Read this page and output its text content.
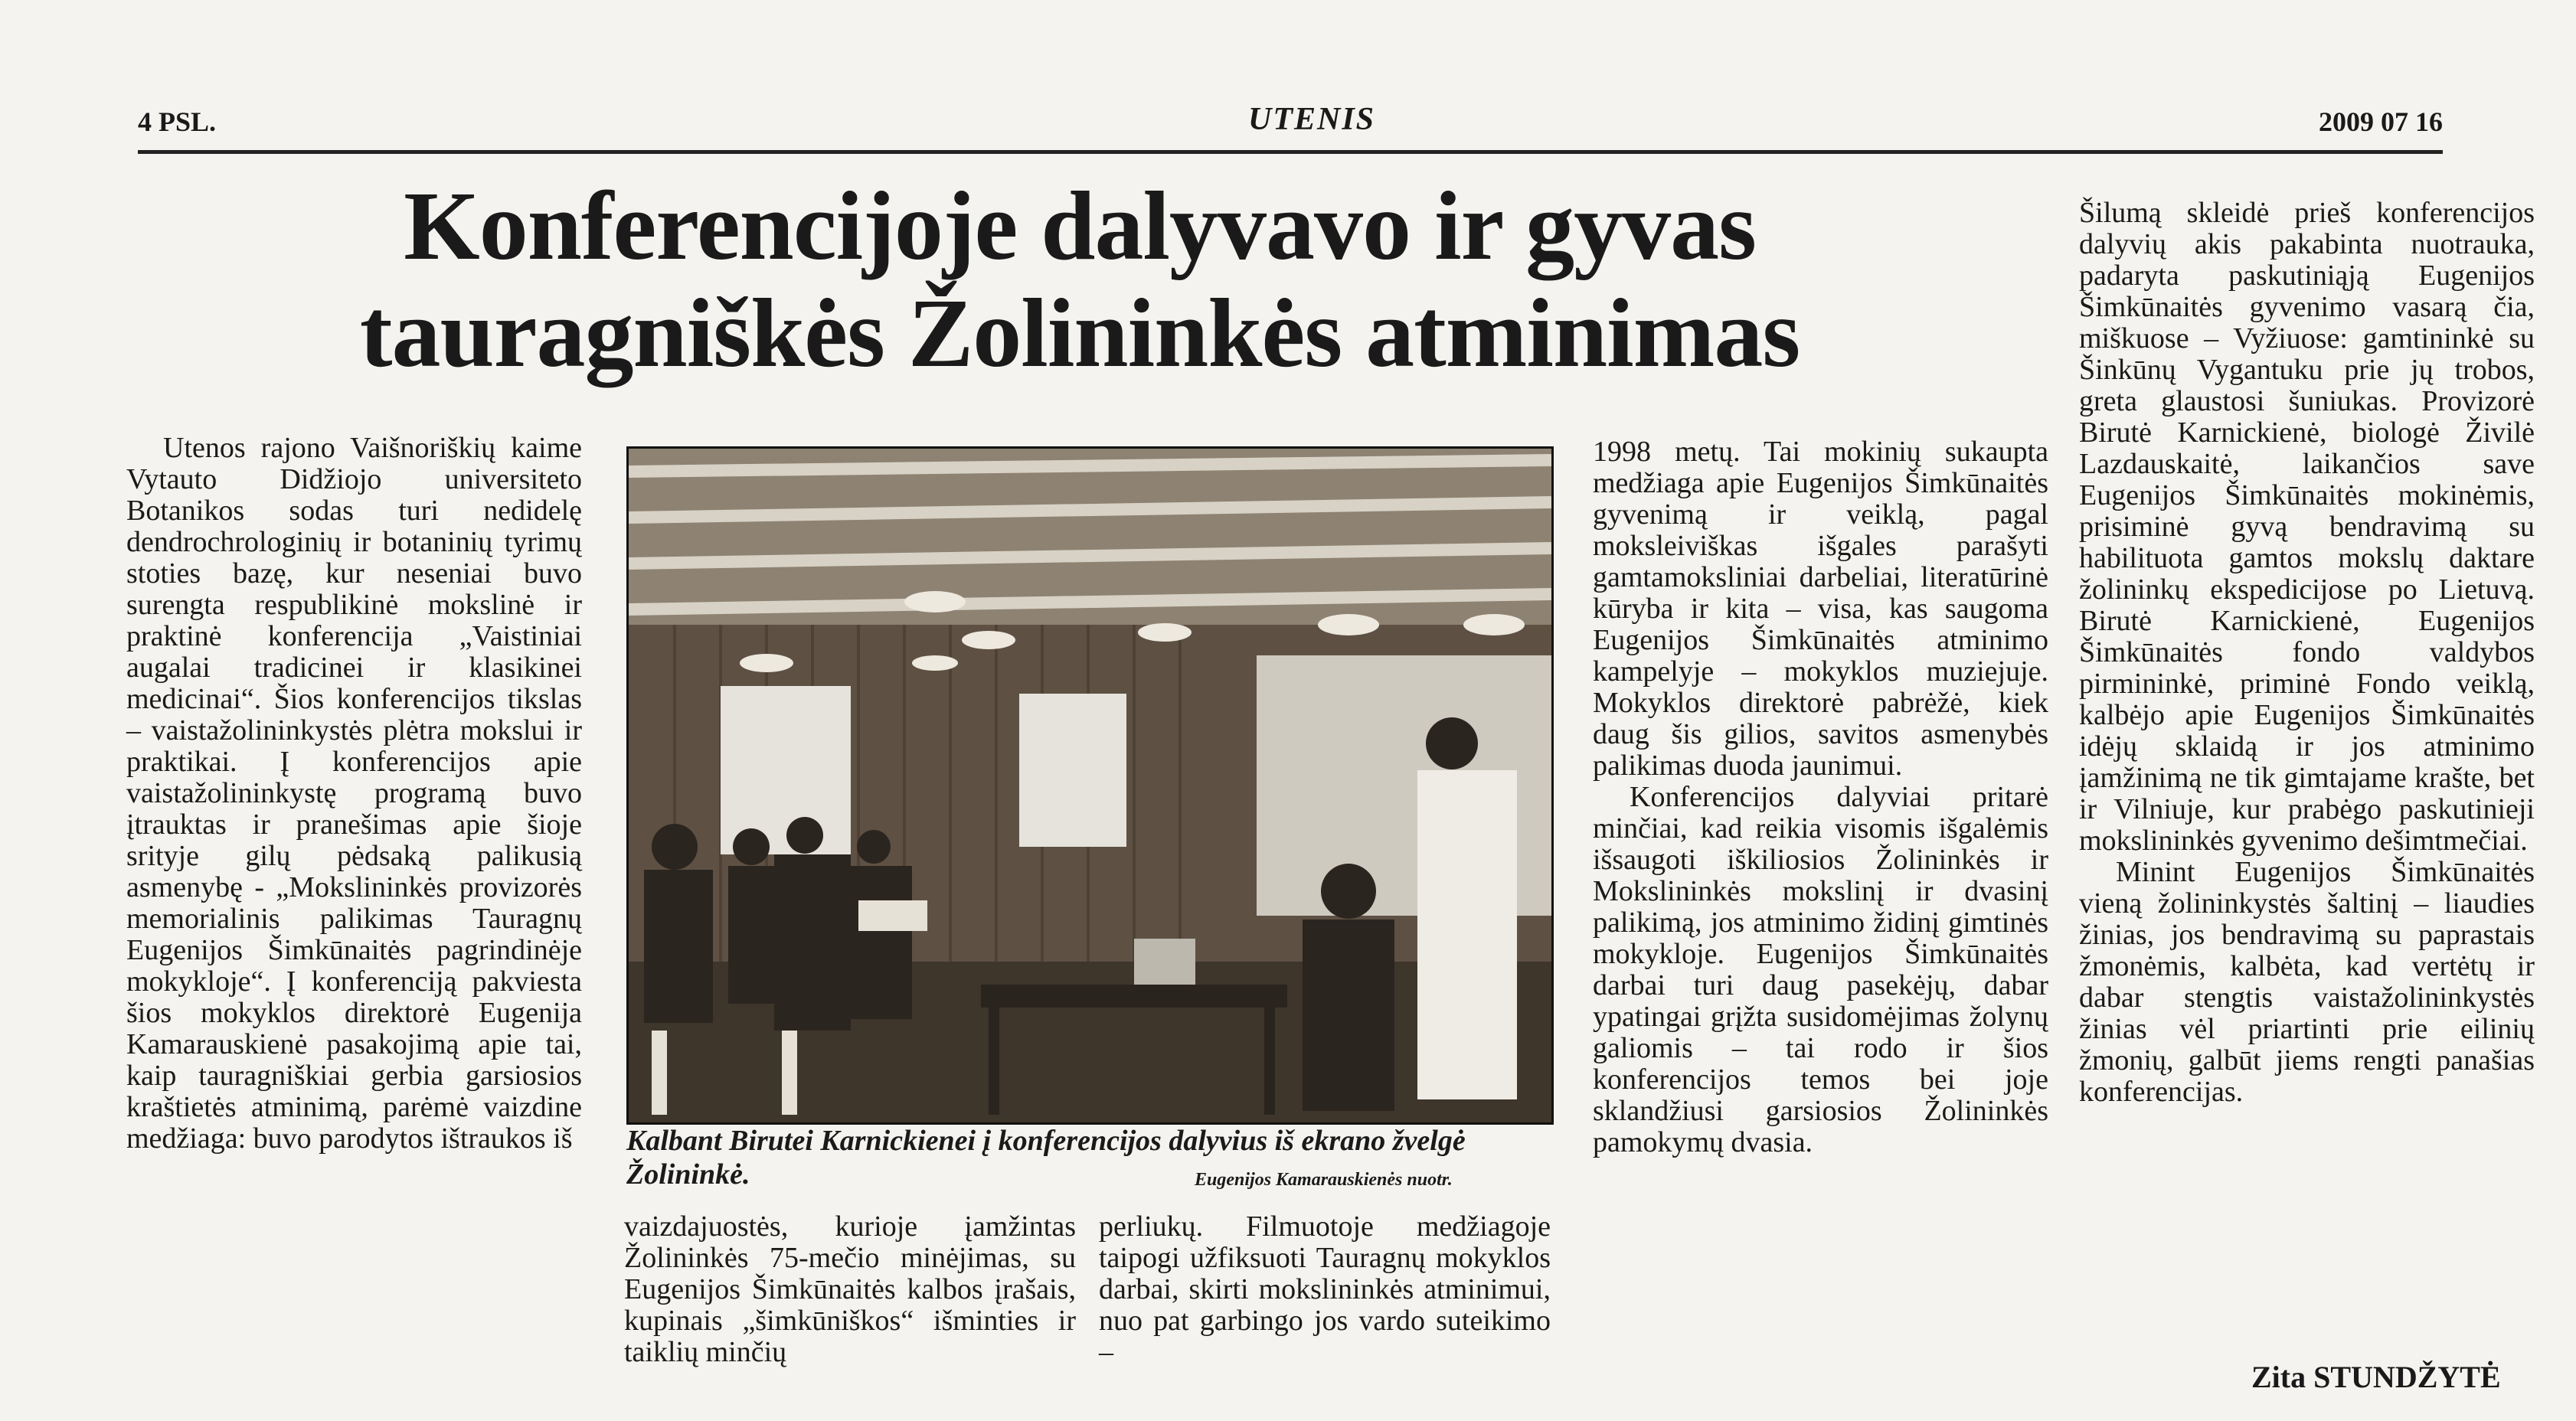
4 PSL.	UTENIS	2009 07 16
Konferencijoje dalyvavo ir gyvas tauragniškės Žolininkės atminimas

Utenos rajono Vaišnoriškių kaime Vytauto Didžiojo universiteto Botanikos sodas turi nedidelę dendrochrologinių ir botaninių tyrimų stoties bazę, kur neseniai buvo surengta respublikinė mokslinė ir praktinė konferencija „Vaistiniai augalai tradicinei ir klasikinei medicinai“. Šios konferencijos tikslas – vaistažolininkystės plėtra mokslui ir praktikai. Į konferencijos apie vaistažolininkystę programą buvo įtrauktas ir pranešimas apie šioje srityje gilų pėdsaką palikusią asmenybę - „Mokslininkės provizorės memorialinis palikimas Tauragnų Eugenijos Šimkūnaitės pagrindinėje mokykloje“. Į konferenciją pakviesta šios mokyklos direktorė Eugenija Kamarauskienė pasakojimą apie tai, kaip tauragniškiai gerbia garsiosios kraštietės atminimą, parėmė vaizdine medžiaga: buvo parodytos ištraukos iš	Kalbant Birutei Karnickienei į konferencijos dalyvius iš ekrano žvelgė Žolininkė.	Eugenijos Kamarauskienės nuotr.

vaizdajuostės, kurioje įamžintas Žolininkės 75-mečio minėjimas, su Eugenijos Šimkūnaitės kalbos įrašais, kupinais „šimkūniškos“ išminties ir taiklių minčių

perliukų. Filmuotoje medžiagoje taipogi užfiksuoti Tauragnų mokyklos darbai, skirti mokslininkės atminimui, nuo pat garbingo jos vardo suteikimo –

1998 metų. Tai mokinių sukaupta medžiaga apie Eugenijos Šimkūnaitės gyvenimą ir veiklą, pagal moksleiviškas išgales parašyti gamtamoksliniai darbeliai, literatūrinė kūryba ir kita – visa, kas saugoma Eugenijos Šimkūnaitės atminimo kampelyje – mokyklos muziejuje. Mokyklos direktorė pabrėžė, kiek daug šis gilios, savitos asmenybės palikimas duoda jaunimui.

Konferencijos dalyviai pritarė minčiai, kad reikia visomis išgalėmis išsaugoti iškiliosios Žolininkės ir Mokslininkės mokslinį ir dvasinį palikimą, jos atminimo židinį gimtinės mokykloje. Eugenijos Šimkūnaitės darbai turi daug pasekėjų, dabar ypatingai grįžta susidomėjimas žolynų galiomis – tai rodo ir šios konferencijos temos bei joje sklandžiusi garsiosios Žolininkės pamokymų dvasia.

Šilumą skleidė prieš konferencijos dalyvių akis pakabinta nuotrauka, padaryta paskutiniąją Eugenijos Šimkūnaitės gyvenimo vasarą čia, miškuose – Vyžiuose: gamtininkė su Šinkūnų Vygantuku prie jų trobos, greta glaustosi šuniukas. Provizorė Birutė Karnickienė, biologė Živilė Lazdauskaitė, laikančios save Eugenijos Šimkūnaitės mokinėmis, prisiminė gyvą bendravimą su habilituota gamtos mokslų daktare žolininkų ekspedicijose po Lietuvą. Birutė Karnickienė, Eugenijos Šimkūnaitės fondo valdybos pirmininkė, priminė Fondo veiklą, kalbėjo apie Eugenijos Šimkūnaitės idėjų sklaidą ir jos atminimo įamžinimą ne tik gimtajame krašte, bet ir Vilniuje, kur prabėgo paskutinieji mokslininkės gyvenimo dešimtmečiai.

Minint Eugenijos Šimkūnaitės vieną žolininkystės šaltinį – liaudies žinias, jos bendravimą su paprastais žmonėmis, kalbėta, kad vertėtų ir dabar stengtis vaistažolininkystės žinias vėl priartinti prie eilinių žmonių, galbūt jiems rengti panašias konferencijas.

Zita STUNDŽYTĖ
